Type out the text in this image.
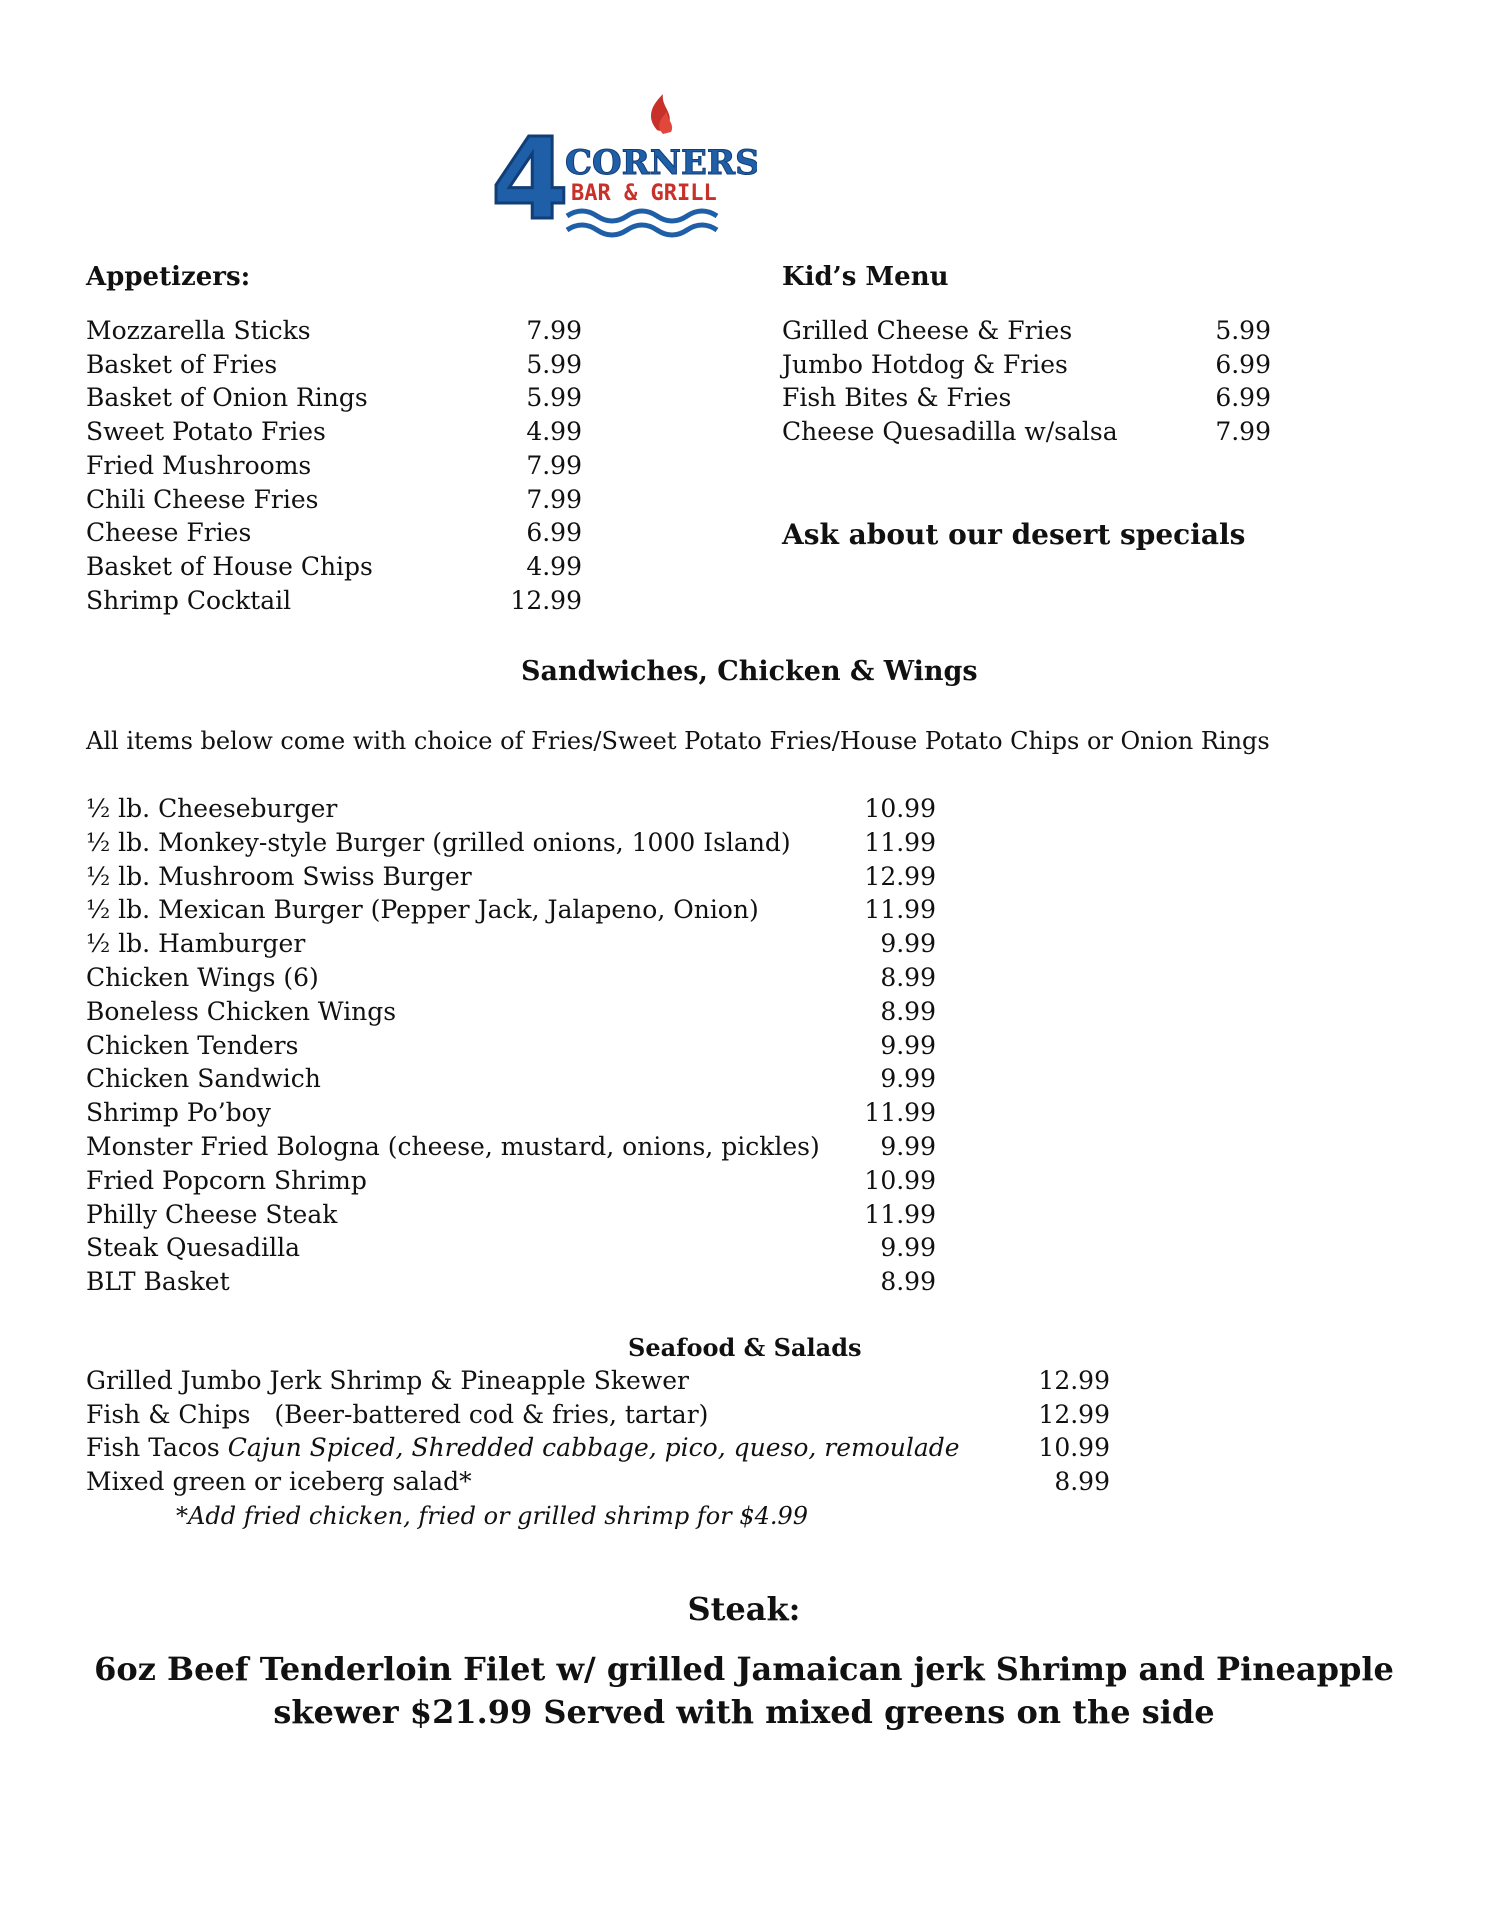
4
CORNERS
BAR & GRILL
Appetizers:
Mozzarella Sticks	7.99
Basket of Fries	5.99
Basket of Onion Rings	5.99
Sweet Potato Fries	4.99
Fried Mushrooms	7.99
Chili Cheese Fries	7.99
Cheese Fries	6.99
Basket of House Chips	4.99
Shrimp Cocktail	12.99
Kid’s Menu
Grilled Cheese & Fries	5.99
Jumbo Hotdog & Fries	6.99
Fish Bites & Fries	6.99
Cheese Quesadilla w/salsa	7.99
Ask about our desert specials
Sandwiches, Chicken & Wings
All items below come with choice of Fries/Sweet Potato Fries/House Potato Chips or Onion Rings
½ lb. Cheeseburger	10.99
½ lb. Monkey-style Burger (grilled onions, 1000 Island)	11.99
½ lb. Mushroom Swiss Burger	12.99
½ lb. Mexican Burger (Pepper Jack, Jalapeno, Onion)	11.99
½ lb. Hamburger	9.99
Chicken Wings (6)	8.99
Boneless Chicken Wings	8.99
Chicken Tenders	9.99
Chicken Sandwich	9.99
Shrimp Po’boy	11.99
Monster Fried Bologna (cheese, mustard, onions, pickles)	9.99
Fried Popcorn Shrimp	10.99
Philly Cheese Steak	11.99
Steak Quesadilla	9.99
BLT Basket	8.99
Seafood & Salads
Grilled Jumbo Jerk Shrimp & Pineapple Skewer	12.99
Fish & Chips   (Beer-battered cod & fries, tartar)	12.99
Fish Tacos Cajun Spiced, Shredded cabbage, pico, queso, remoulade	10.99
Mixed green or iceberg salad*	8.99
*Add fried chicken, fried or grilled shrimp for $4.99
Steak:
6oz Beef Tenderloin Filet w/ grilled Jamaican jerk Shrimp and Pineapple
skewer $21.99 Served with mixed greens on the side
